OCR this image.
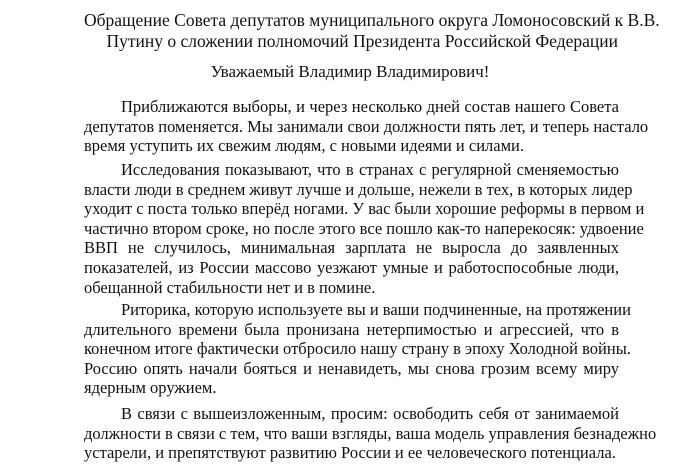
Обращение Совета депутатов муниципального округа Ломоносовский к В.В.
Путину о сложении полномочий Президента Российской Федерации
Уважаемый Владимир Владимирович!
Приближаются выборы, и через несколько дней состав нашего Совета
депутатов поменяется. Мы занимали свои должности пять лет, и теперь настало
время уступить их свежим людям, с новыми идеями и силами.
Исследования показывают, что в странах с регулярной сменяемостью
власти люди в среднем живут лучше и дольше, нежели в тех, в которых лидер
уходит с поста только вперёд ногами. У вас были хорошие реформы в первом и
частично втором сроке, но после этого все пошло как-то наперекосяк: удвоение
ВВП не случилось, минимальная зарплата не выросла до заявленных
показателей, из России массово уезжают умные и работоспособные люди,
обещанной стабильности нет и в помине.
Риторика, которую используете вы и ваши подчиненные, на протяжении
длительного времени была пронизана нетерпимостью и агрессией, что в
конечном итоге фактически отбросило нашу страну в эпоху Холодной войны.
Россию опять начали бояться и ненавидеть, мы снова грозим всему миру
ядерным оружием.
В связи с вышеизложенным, просим: освободить себя от занимаемой
должности в связи с тем, что ваши взгляды, ваша модель управления безнадежно
устарели, и препятствуют развитию России и ее человеческого потенциала.
